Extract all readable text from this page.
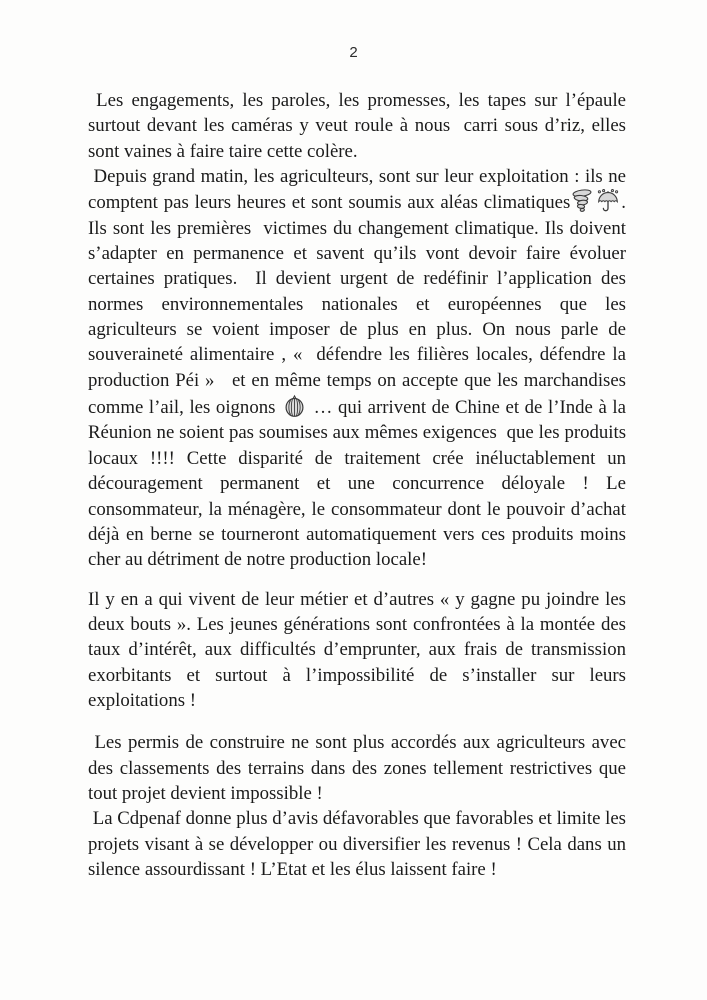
2

Les engagements, les paroles, les promesses, les tapes sur l’épaule surtout devant les caméras y veut roule à nous  carri sous d’riz, elles sont vaines à faire taire cette colère.

Depuis grand matin, les agriculteurs, sont sur leur exploitation : ils ne comptent pas leurs heures et sont soumis aux aléas climatiques	. Ils sont les premières  victimes du changement climatique. Ils doivent s’adapter en permanence et savent qu’ils vont devoir faire évoluer certaines pratiques.  Il devient urgent de redéfinir l’application des normes environnementales nationales et européennes que les agriculteurs se voient imposer de plus en plus. On nous parle de souveraineté alimentaire , «  défendre les filières locales, défendre la production Péi »   et en même temps on accepte que les marchandises comme l’ail, les oignons  … qui arrivent de Chine et de l’Inde à la Réunion ne soient pas soumises aux mêmes exigences  que les produits locaux !!!! Cette disparité de traitement crée inéluctablement un découragement permanent et une concurrence déloyale ! Le consommateur, la ménagère, le consommateur dont le pouvoir d’achat déjà en berne se tourneront automatiquement vers ces produits moins cher au détriment de notre production locale!

Il y en a qui vivent de leur métier et d’autres « y gagne pu joindre les deux bouts ». Les jeunes générations sont confrontées à la montée des taux d’intérêt, aux difficultés d’emprunter, aux frais de transmission exorbitants et surtout à l’impossibilité de s’installer sur leurs exploitations !

Les permis de construire ne sont plus accordés aux agriculteurs avec des classements des terrains dans des zones tellement restrictives que tout projet devient impossible !

La Cdpenaf donne plus d’avis défavorables que favorables et limite les projets visant à se développer ou diversifier les revenus ! Cela dans un silence assourdissant ! L’Etat et les élus laissent faire !
